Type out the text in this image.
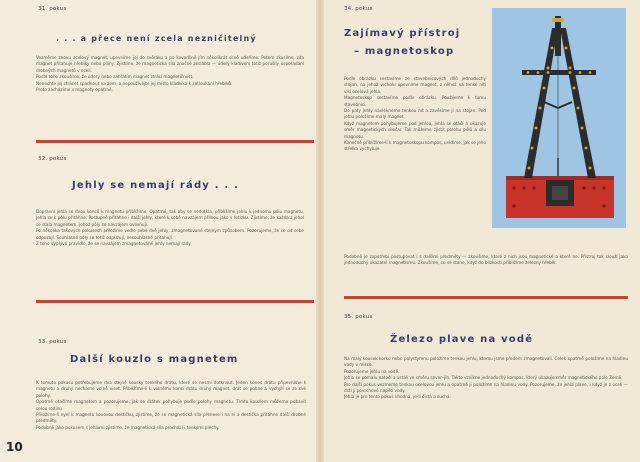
31. pokus
. . . a přece není zcela nezničitelný

Vezměme znovu ocelový magnet, upevníme jej do svěráku a po kovadlině jím několikrát silně udeříme. Potom zkusíme, zda magnet přitahuje hřebíky nebo piliny. Zjistíme, že magnetická síla značně zeslábla — údery kladivem totiž porušily uspořádání drobných magnetů v oceli.

Podle toho zkoušíme, že údery nebo zahřátím magnet ztrácí magnetičnost.

Nenechte jej ztrácet spadnout na zem, a nepoužívejte jej místo kladívka k zatloukání hřebíků.

Proto zacházíme s magnety opatrně.

32. pokus
Jehly se nemají rády . . .

Dopravní jehla se dvou konců k magnetu přiblížíme. Opatrně, tak aby se nedotkla, přiblížíme jehlu k jednomu pólu magnetu. Jehla se k pólu přitáhne. Postupně přitáhne i další jehly, které k sobě navzájem přilnou jako v řetízku. Zjistíme, že každá z jehel se stala magnetem, jehož póly se navzájem ovlivňují.

Po několika takových pokusech přiložíme vedle sebe dvě jehly, zmagnetované stejným způsobem. Pozorujeme, že se od sebe odpuzují. Souhlasné póly se totiž odpuzují, nesouhlasné přitahují.

Z toho vyplývá pravidlo, že se navzájem zmagnetované jehly nemají rády.

33. pokus
Další kouzlo s magnetem

K tomuto pokusu potřebujeme dva stejné kousky tenkého drátu, které se nesmí dotknout. Jeden konec drátu připevníme k magnetu a druhý necháme volně viset. Přiblížíme-li k volnému konci drátu druhý magnet, drát se pohne a vychýlí se ze své polohy.

Opatrně otáčíme magnetem a pozorujeme, jak se drátek pohybuje podle polohy magnetu. Tímto kouzlem můžeme pobavit celou rodinu.

Přiložíme-li nyní k magnetu kovovou destičku, zjistíme, že se magnetická síla přenese i na ni a destička přitáhne další drobné předměty.

Podobně jako pokusem s jehlami zjistíme, že magnetická síla prochází i tenkými plechy.

10
34. pokus
Zajímavý přístroj
– magnetoskop

Podle obrázku sestavíme ze stavebnicových dílů jednoduchý stojan, na jehož vrcholu upevníme magnet, z něhož na tenké niti visí ocelová jehla.

Magnetoskop sestavíme podle obrázku. Použijeme k tomu stavebnici.

Do paty jehly navlékneme tenkou nit a zavěsíme ji na stojan. Pod jehlu položíme malý magnet.

Když magnetem pohybujeme pod jehlou, jehla se otáčí a ukazuje směr magnetických siločar. Tak můžeme zjistit polohu pólů a sílu magnetu.

Konečně přiblížíme-li k magnetoskopu kompas, uvidíme, jak se jeho střelka vychyluje.

Podobně je zapotřebí postupovat i s dalšími předměty — zkoušíme, které z nich jsou magnetické a které ne. Přístroj tak slouží jako jednoduchý ukazatel magnetismu. Zkoušíme, co se stane, když do blízkosti přiblížíme železný hřebík.

35. pokus
Železo plave na vodě

Na malý kousek korku nebo polystyrenu položíme tenkou jehlu, kterou jsme předem zmagnetovali. Celek opatrně položíme na hladinu vody v misce.

Pozorujeme jehlu na vodě.

Jehla se pomalu natočí a ustálí ve směru sever–jih. Takto vznikne jednoduchý kompas, který ukazuje směr magnetického pole Země.

Pro další pokus vezmeme tenkou ocelovou jehlu a opatrně ji položíme na hladinu vody. Pozorujeme, že jehla plave, i když je z oceli — drží ji povrchové napětí vody.

Jehla je pro tento pokus vhodná, je-li čistá a suchá.
